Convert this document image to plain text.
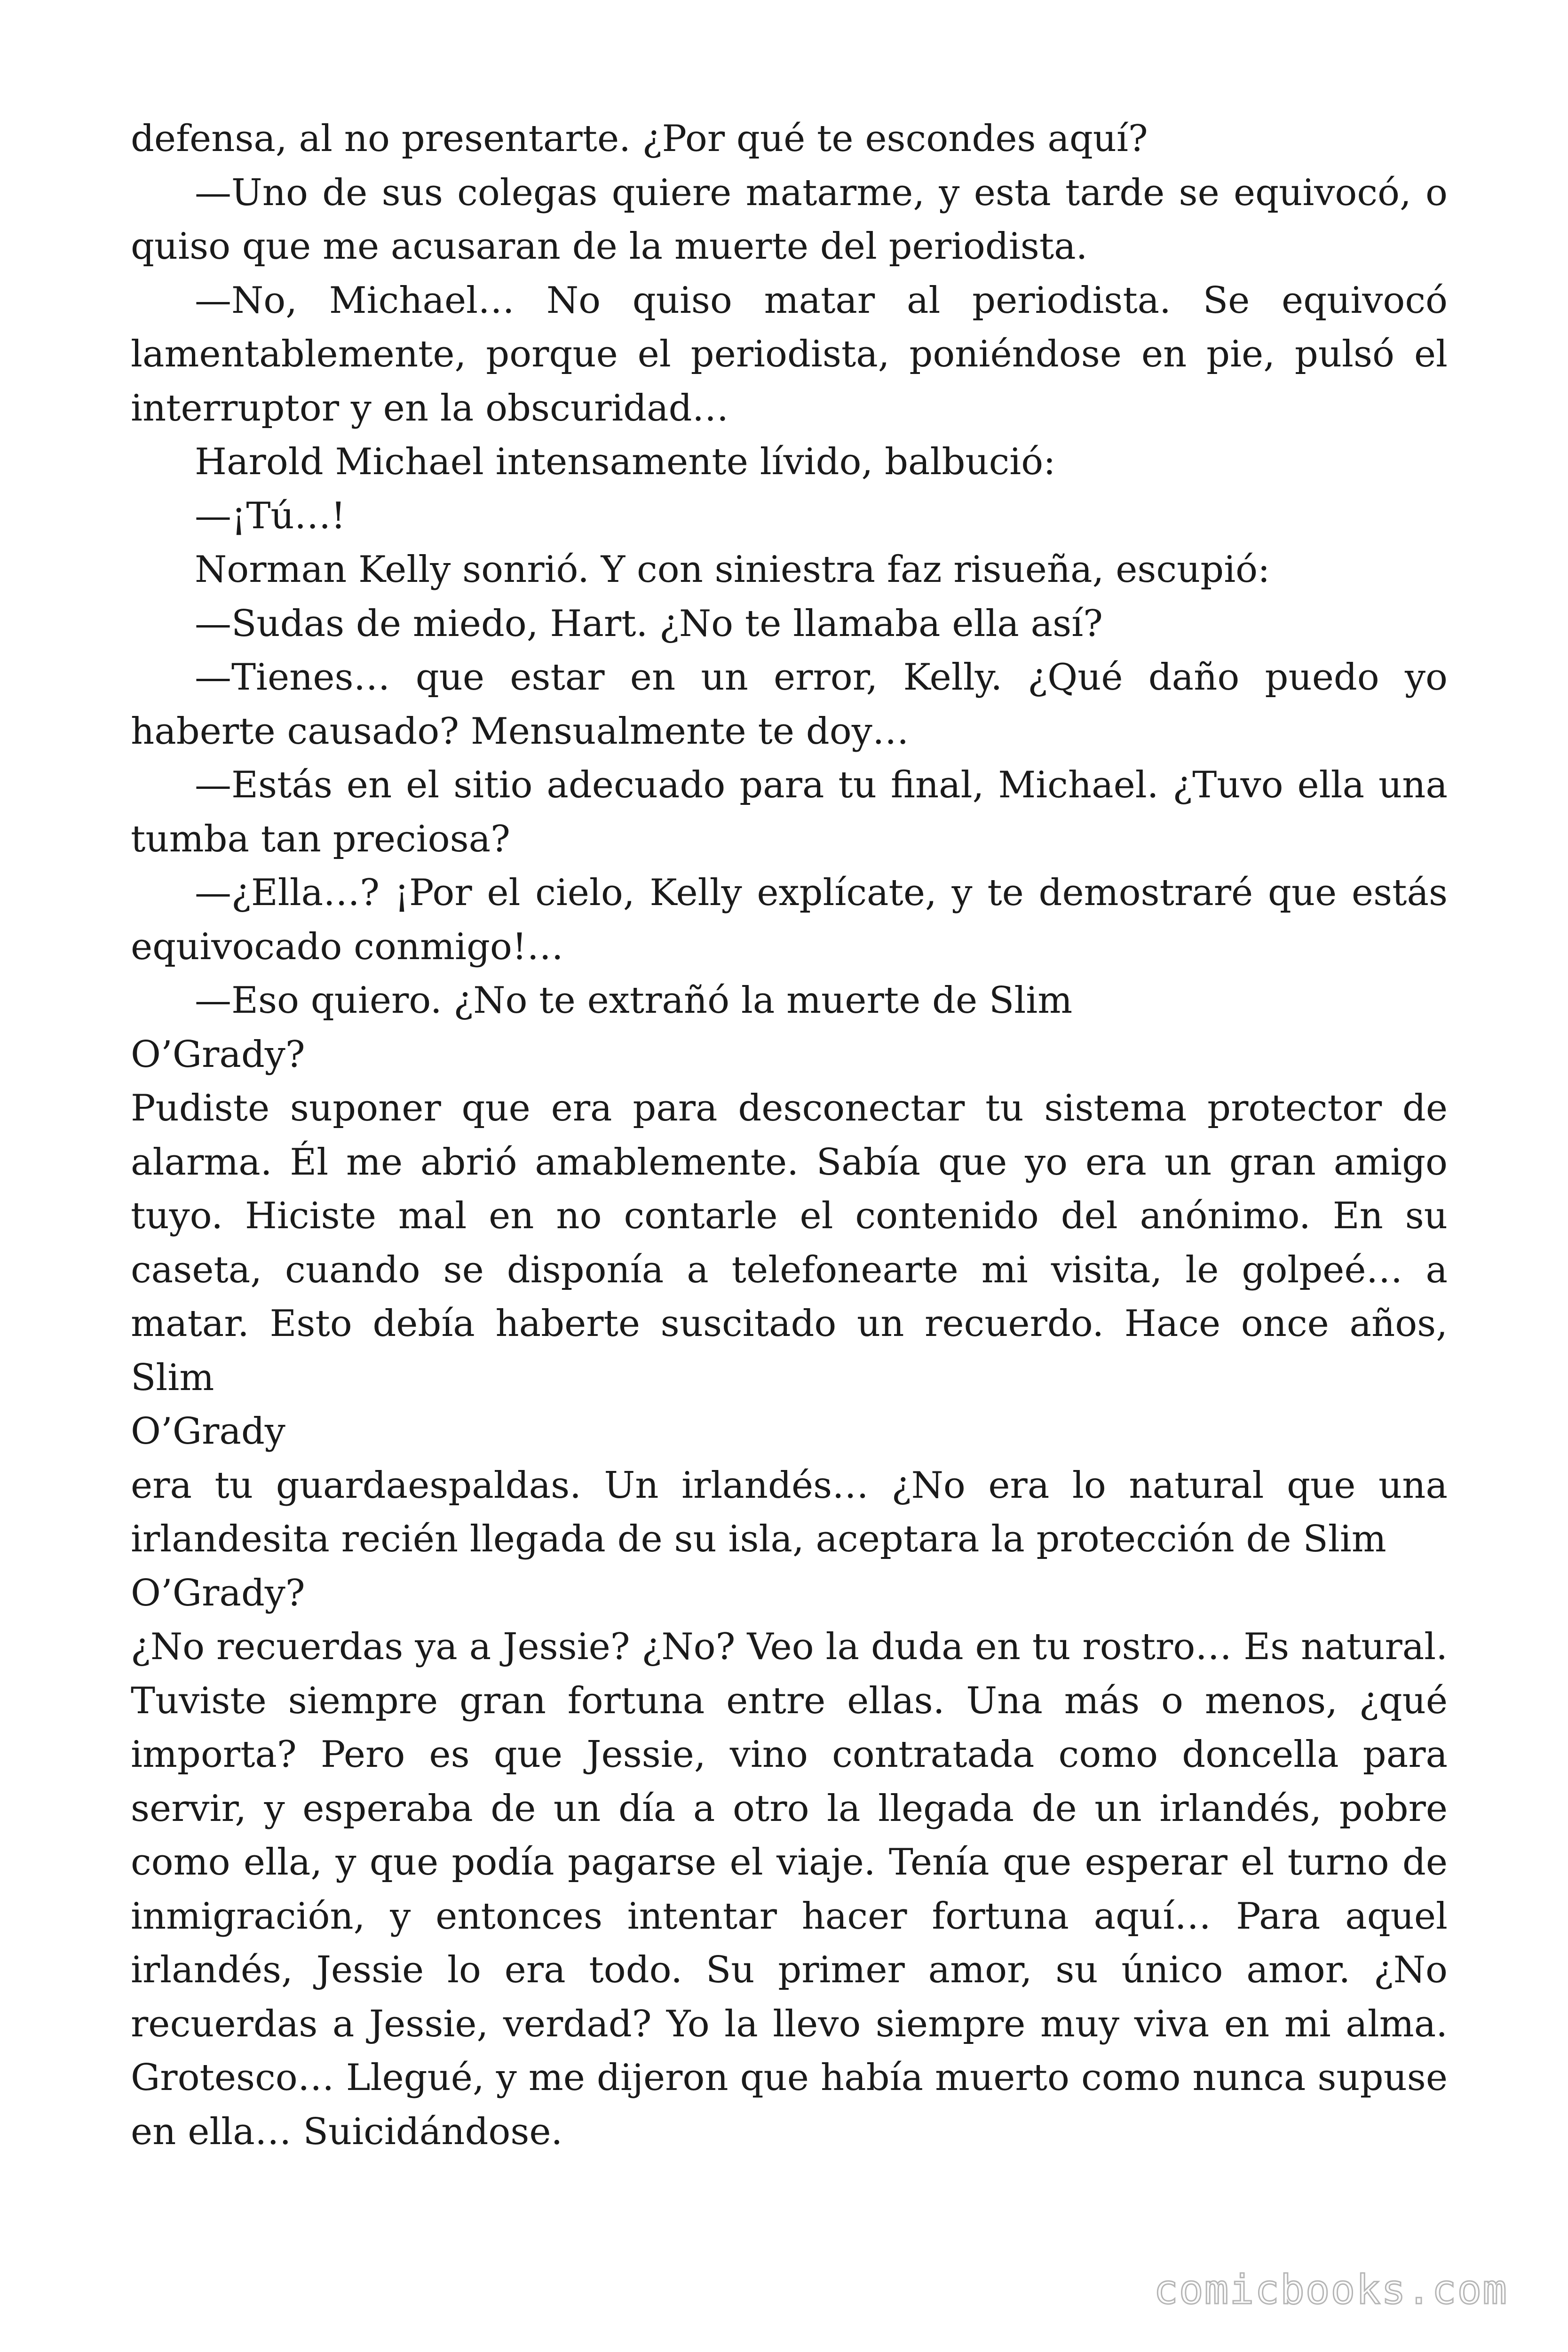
defensa, al no presentarte. ¿Por qué te escondes aquí?

—Uno de sus colegas quiere matarme, y esta tarde se equivocó, o quiso que me acusaran de la muerte del periodista.

—No, Michael… No quiso matar al periodista. Se equivocó lamentablemente, porque el periodista, poniéndose en pie, pulsó el interruptor y en la obscuridad…

Harold Michael intensamente lívido, balbució:

—¡Tú…!

Norman Kelly sonrió. Y con siniestra faz risueña, escupió:

—Sudas de miedo, Hart. ¿No te llamaba ella así?

—Tienes… que estar en un error, Kelly. ¿Qué daño puedo yo haberte causado? Mensualmente te doy…

—Estás en el sitio adecuado para tu final, Michael. ¿Tuvo ella una tumba tan preciosa?

—¿Ella…? ¡Por el cielo, Kelly explícate, y te demostraré que estás equivocado conmigo!…

—Eso quiero. ¿No te extrañó la muerte de Slim

O’Grady?

Pudiste suponer que era para desconectar tu sistema protector de alarma. Él me abrió amablemente. Sabía que yo era un gran amigo tuyo. Hiciste mal en no contarle el contenido del anónimo. En su caseta, cuando se disponía a telefonearte mi visita, le golpeé… a matar. Esto debía haberte suscitado un recuerdo. Hace once años, Slim

O’Grady

era tu guardaespaldas. Un irlandés… ¿No era lo natural que una irlandesita recién llegada de su isla, aceptara la protección de Slim

O’Grady?

¿No recuerdas ya a Jessie? ¿No? Veo la duda en tu rostro… Es natural. Tuviste siempre gran fortuna entre ellas. Una más o menos, ¿qué importa? Pero es que Jessie, vino contratada como doncella para servir, y esperaba de un día a otro la llegada de un irlandés, pobre como ella, y que podía pagarse el viaje. Tenía que esperar el turno de inmigración, y entonces intentar hacer fortuna aquí… Para aquel irlandés, Jessie lo era todo. Su primer amor, su único amor. ¿No recuerdas a Jessie, verdad? Yo la llevo siempre muy viva en mi alma. Grotesco… Llegué, y me dijeron que había muerto como nunca supuse en ella… Suicidándose.

comicbooks.com
